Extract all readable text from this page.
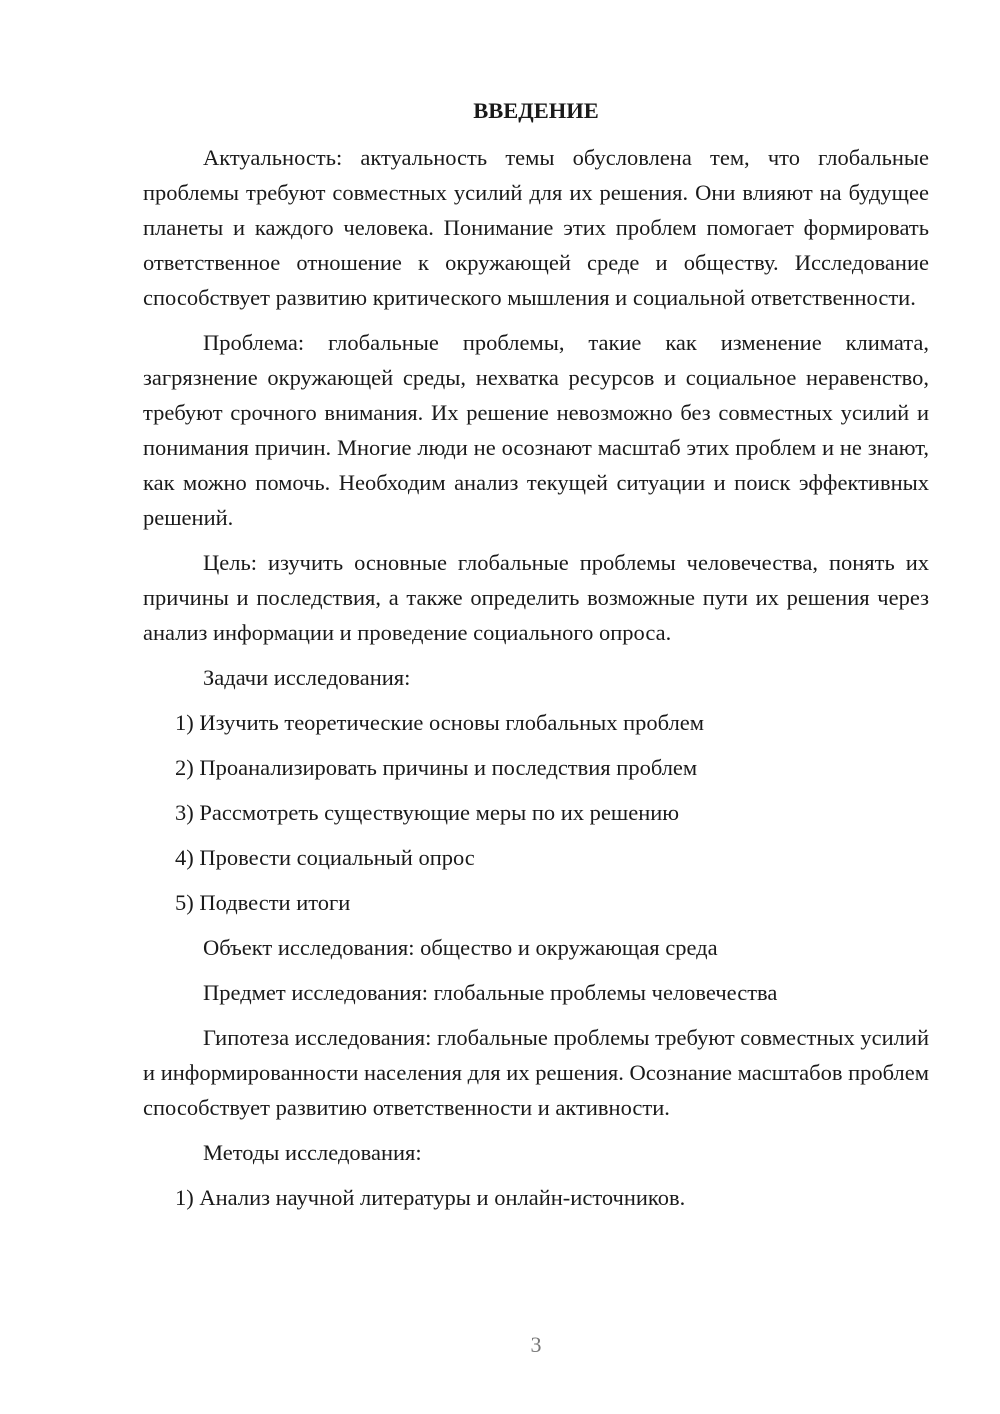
ВВЕДЕНИЕ

Актуальность: актуальность темы обусловлена тем, что глобальные проблемы требуют совместных усилий для их решения. Они влияют на будущее планеты и каждого человека. Понимание этих проблем помогает формировать ответственное отношение к окружающей среде и обществу. Исследование способствует развитию критического мышления и социальной ответственности.

Проблема: глобальные проблемы, такие как изменение климата, загрязнение окружающей среды, нехватка ресурсов и социальное неравенство, требуют срочного внимания. Их решение невозможно без совместных усилий и понимания причин. Многие люди не осознают масштаб этих проблем и не знают, как можно помочь. Необходим анализ текущей ситуации и поиск эффективных решений.

Цель: изучить основные глобальные проблемы человечества, понять их причины и последствия, а также определить возможные пути их решения через анализ информации и проведение социального опроса.

Задачи исследования:
1) Изучить теоретические основы глобальных проблем
2) Проанализировать причины и последствия проблем
3) Рассмотреть существующие меры по их решению
4) Провести социальный опрос
5) Подвести итоги
Объект исследования: общество и окружающая среда
Предмет исследования: глобальные проблемы человечества

Гипотеза исследования: глобальные проблемы требуют совместных усилий и информированности населения для их решения. Осознание масштабов проблем способствует развитию ответственности и активности.

Методы исследования:
1) Анализ научной литературы и онлайн-источников.
3
